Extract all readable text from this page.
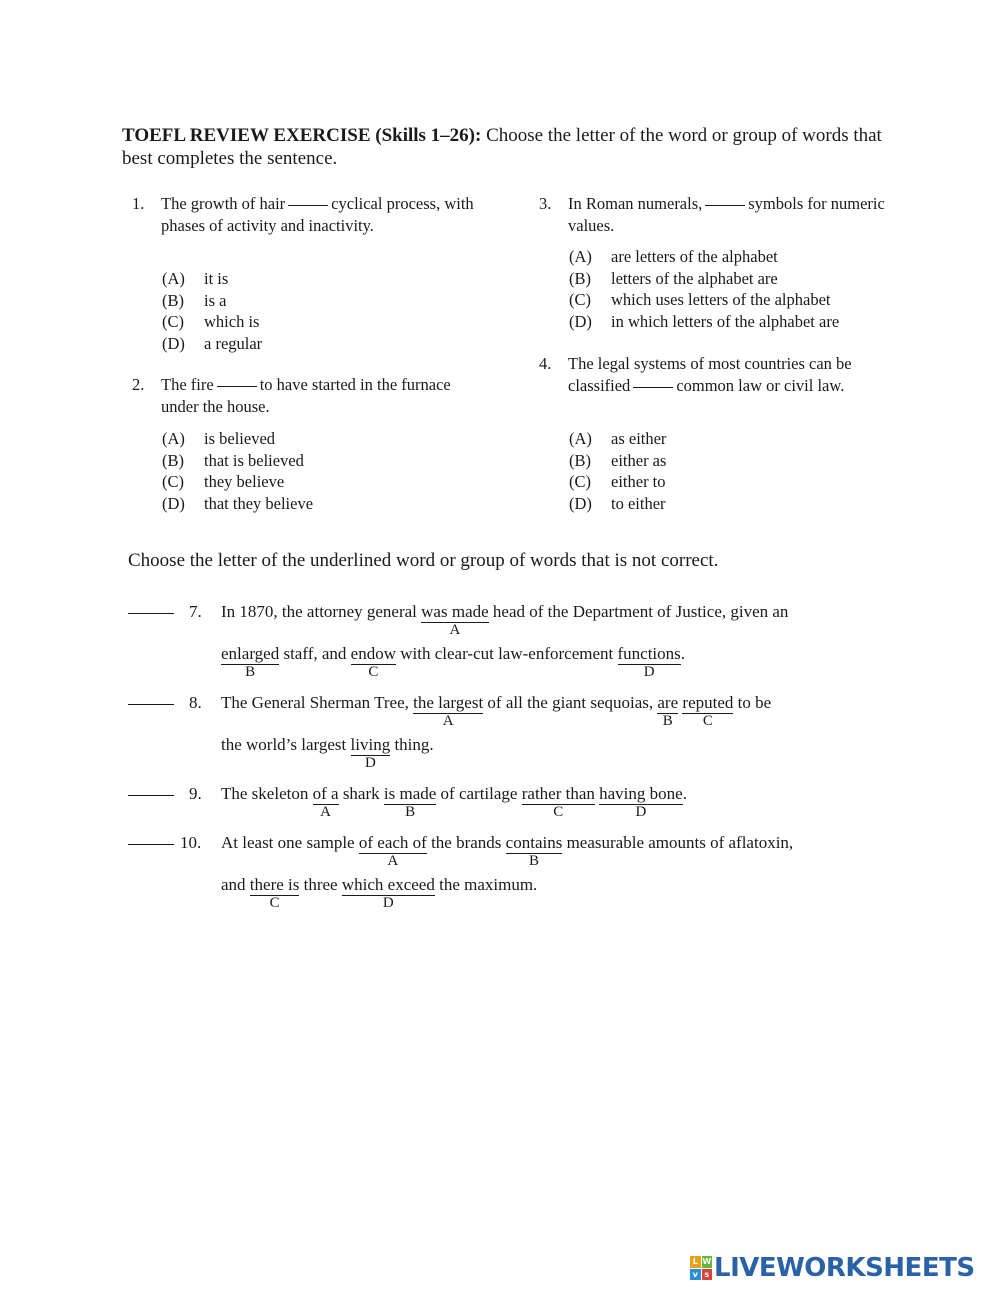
TOEFL REVIEW EXERCISE (Skills 1–26): Choose the letter of the word or group of words that best completes the sentence.
1. The growth of hair	cyclical process, with phases of activity and inactivity.
(A) it is
(B) is a
(C) which is
(D) a regular
2. The fire	to have started in the furnace under the house.
(A) is believed
(B) that is believed
(C) they believe
(D) that they believe
3. In Roman numerals,	symbols for numeric values.
(A) are letters of the alphabet
(B) letters of the alphabet are
(C) which uses letters of the alphabet
(D) in which letters of the alphabet are
4. The legal systems of most countries can be classified	common law or civil law.
(A) as either
(B) either as
(C) either to
(D) to either
Choose the letter of the underlined word or group of words that is not correct.
7. In 1870, the attorney general was made
A
head of the Department of Justice, given an
enlarged
B
staff, and endow
C
with clear-cut law-enforcement functions
D
.
8. The General Sherman Tree, the largest
A
of all the giant sequoias, are
B
reputed
C
to be
the world’s largest living
D
thing.
9. The skeleton $\frac{\text{of a}}{A}$ shark is made
B
of cartilage rather than
C
having bone
D
.
10. At least one sample of each of
A
the brands contains
B
measurable amounts of aflatoxin,
and there is
C
three which exceed
D
the maximum.
L W
v s LIVEWORKSHEETS
